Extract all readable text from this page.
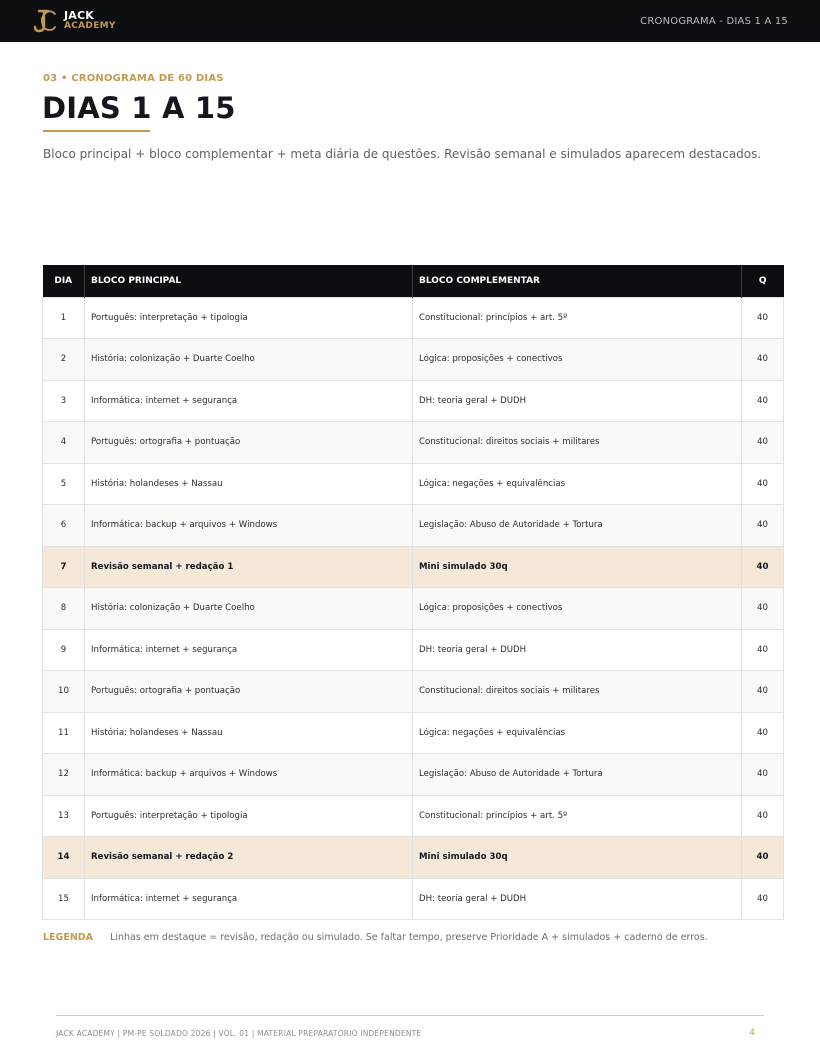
JACK
ACADEMY	CRONOGRAMA - DIAS 1 A 15
03 • CRONOGRAMA DE 60 DIAS
DIAS 1 A 15

Bloco principal + bloco complementar + meta diária de questões. Revisão semanal e simulados aparecem destacados.

DIA	BLOCO PRINCIPAL	BLOCO COMPLEMENTAR	Q
1	Português: interpretação + tipologia	Constitucional: princípios + art. 5º	40
2	História: colonização + Duarte Coelho	Lógica: proposições + conectivos	40
3	Informática: internet + segurança	DH: teoria geral + DUDH	40
4	Português: ortografia + pontuação	Constitucional: direitos sociais + militares	40
5	História: holandeses + Nassau	Lógica: negações + equivalências	40
6	Informática: backup + arquivos + Windows	Legislação: Abuso de Autoridade + Tortura	40
7	Revisão semanal + redação 1	Mini simulado 30q	40
8	História: colonização + Duarte Coelho	Lógica: proposições + conectivos	40
9	Informática: internet + segurança	DH: teoria geral + DUDH	40
10	Português: ortografia + pontuação	Constitucional: direitos sociais + militares	40
11	História: holandeses + Nassau	Lógica: negações + equivalências	40
12	Informática: backup + arquivos + Windows	Legislação: Abuso de Autoridade + Tortura	40
13	Português: interpretação + tipologia	Constitucional: princípios + art. 5º	40
14	Revisão semanal + redação 2	Mini simulado 30q	40
15	Informática: internet + segurança	DH: teoria geral + DUDH	40
LEGENDA Linhas em destaque = revisão, redação ou simulado. Se faltar tempo, preserve Prioridade A + simulados + caderno de erros.
JACK ACADEMY | PM-PE SOLDADO 2026 | VOL. 01 | MATERIAL PREPARATÓRIO INDEPENDENTE	4
